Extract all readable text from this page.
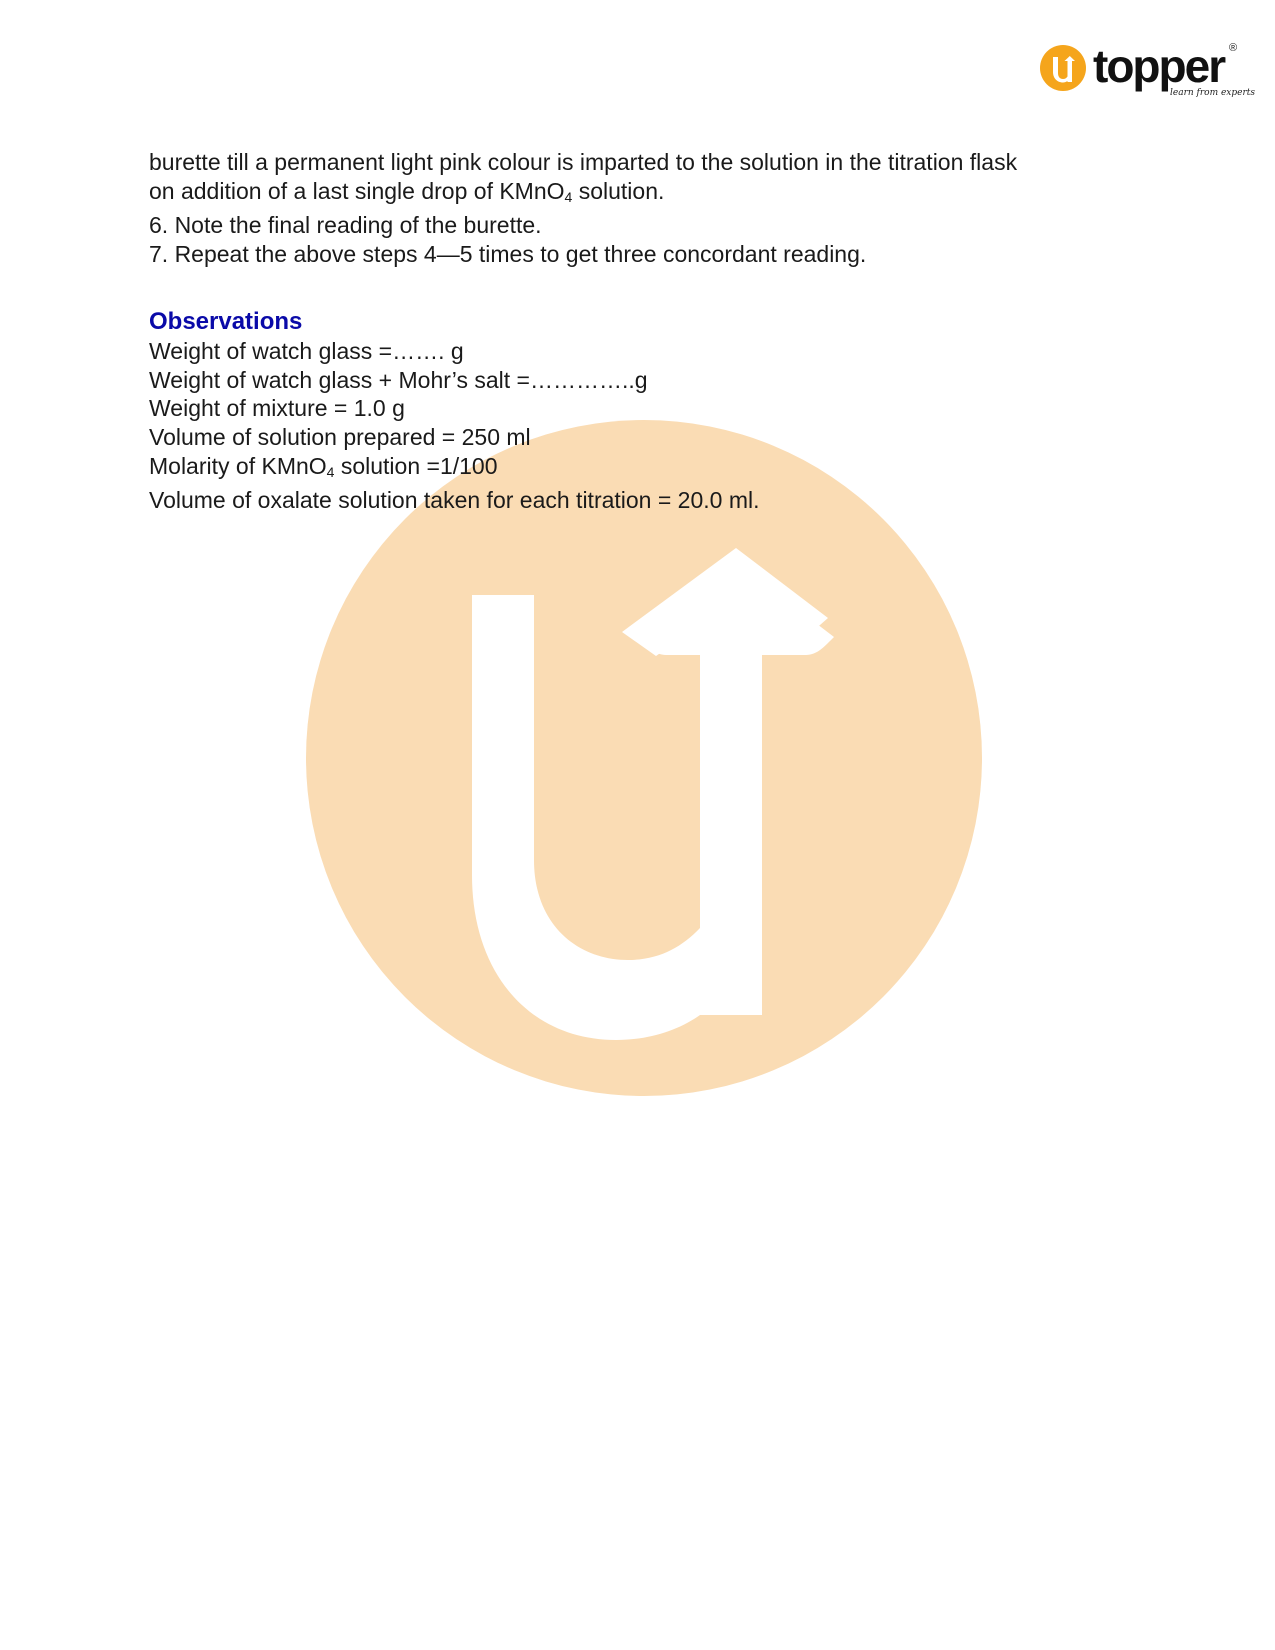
topper ®
learn from experts

burette till a permanent light pink colour is imparted to the solution in the titration flask

on addition of a last single drop of KMnO$_4$ solution.

6. Note the final reading of the burette.

7. Repeat the above steps 4—5 times to get three concordant reading.

Observations

Weight of watch glass =……. g

Weight of watch glass + Mohr’s salt =…………..g

Weight of mixture = 1.0 g

Volume of solution prepared = 250 ml

Molarity of KMnO$_4$ solution =1/100

Volume of oxalate solution taken for each titration = 20.0 ml.
